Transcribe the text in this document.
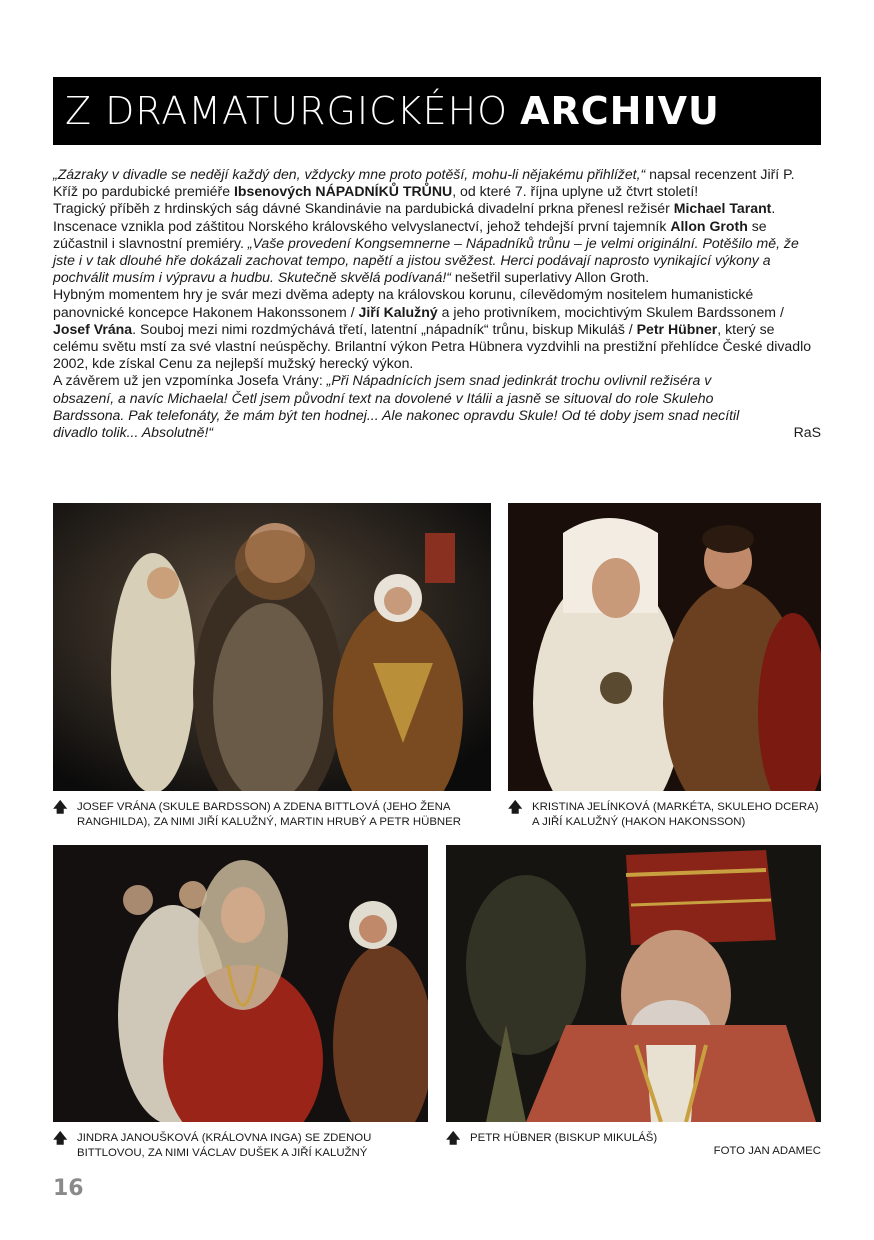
Z DRAMATURGICKÉHO ARCHIVU

„Zázraky v divadle se nedějí každý den, vždycky mne proto potěší, mohu-li nějakému přihlížet,“ napsal recenzent Jiří P. Kříž po pardubické premiéře Ibsenových NÁPADNÍKŮ TRŮNU, od které 7. října uplyne už čtvrt století!

Tragický příběh z hrdinských ság dávné Skandinávie na pardubická divadelní prkna přenesl režisér Michael Tarant. Inscenace vznikla pod záštitou Norského královského velvyslanectví, jehož tehdejší první tajemník Allon Groth se zúčastnil i slavnostní premiéry. „Vaše provedení Kongsemnerne – Nápadníků trůnu – je velmi originální. Potěšilo mě, že jste i v tak dlouhé hře dokázali zachovat tempo, napětí a jistou svěžest. Herci podávají naprosto vynikající výkony a pochválit musím i výpravu a hudbu. Skutečně skvělá podívaná!“ nešetřil superlativy Allon Groth.

Hybným momentem hry je svár mezi dvěma adepty na královskou korunu, cílevědomým nositelem humanistické panovnické koncepce Hakonem Hakonssonem / Jiří Kalužný a jeho protivníkem, mocichtivým Skulem Bardssonem / Josef Vrána. Souboj mezi nimi rozdmýchává třetí, latentní „nápadník“ trůnu, biskup Mikuláš / Petr Hübner, který se celému světu mstí za své vlastní neúspěchy. Brilantní výkon Petra Hübnera vyzdvihli na prestižní přehlídce České divadlo 2002, kde získal Cenu za nejlepší mužský herecký výkon.

A závěrem už jen vzpomínka Josefa Vrány: „Při Nápadnících jsem snad jedinkrát trochu ovlivnil režiséra v obsazení, a navíc Michaela! Četl jsem původní text na dovolené v Itálii a jasně se situoval do role Skuleho Bardssona. Pak telefonáty, že mám být ten hodnej... Ale nakonec opravdu Skule! Od té doby jsem snad necítil divadlo tolik... Absolutně!“	RaS
🡅 JOSEF VRÁNA (SKULE BARDSSON) A ZDENA BITTLOVÁ (JEHO ŽENA RANGHILDA), ZA NIMI JIŘÍ KALUŽNÝ, MARTIN HRUBÝ A PETR HÜBNER
🡅 KRISTINA JELÍNKOVÁ (MARKÉTA, SKULEHO DCERA) A JIŘÍ KALUŽNÝ (HAKON HAKONSSON)
🡅 JINDRA JANOUŠKOVÁ (KRÁLOVNA INGA) SE ZDENOU BITTLOVOU, ZA NIMI VÁCLAV DUŠEK A JIŘÍ KALUŽNÝ
🡅 PETR HÜBNER (BISKUP MIKULÁŠ)
FOTO JAN ADAMEC
16
